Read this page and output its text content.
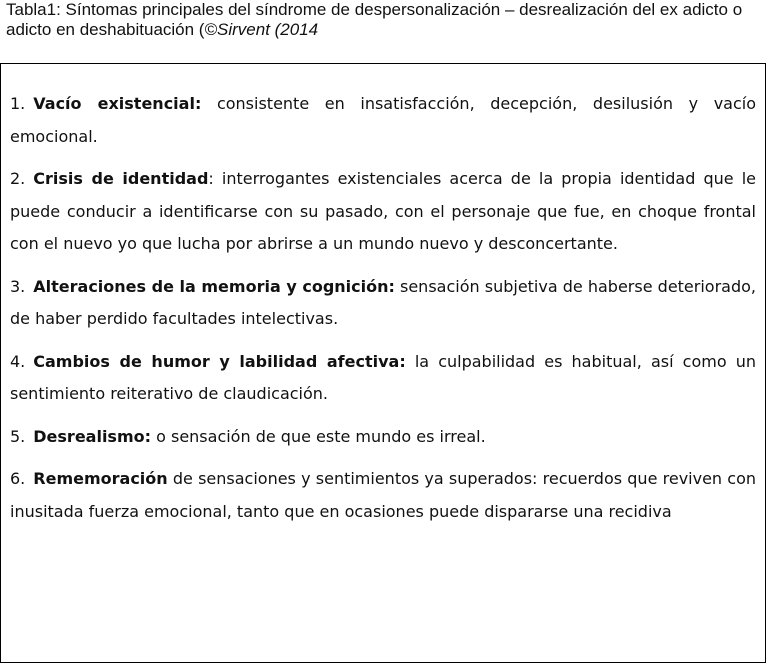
Tabla1: Síntomas principales del síndrome de despersonalización – desrealización del ex adicto o adicto en deshabituación (©Sirvent (2014

1. Vacío existencial: consistente en insatisfacción, decepción, desilusión y vacío emocional.

2. Crisis de identidad: interrogantes existenciales acerca de la propia identidad que le puede conducir a identificarse con su pasado, con el personaje que fue, en choque frontal con el nuevo yo que lucha por abrirse a un mundo nuevo y desconcertante.

3. Alteraciones de la memoria y cognición: sensación subjetiva de haberse deteriorado, de haber perdido facultades intelectivas.

4. Cambios de humor y labilidad afectiva: la culpabilidad es habitual, así como un sentimiento reiterativo de claudicación.

5. Desrealismo: o sensación de que este mundo es irreal.

6. Rememoración de sensaciones y sentimientos ya superados: recuerdos que reviven con inusitada fuerza emocional, tanto que en ocasiones puede dispararse una recidiva
